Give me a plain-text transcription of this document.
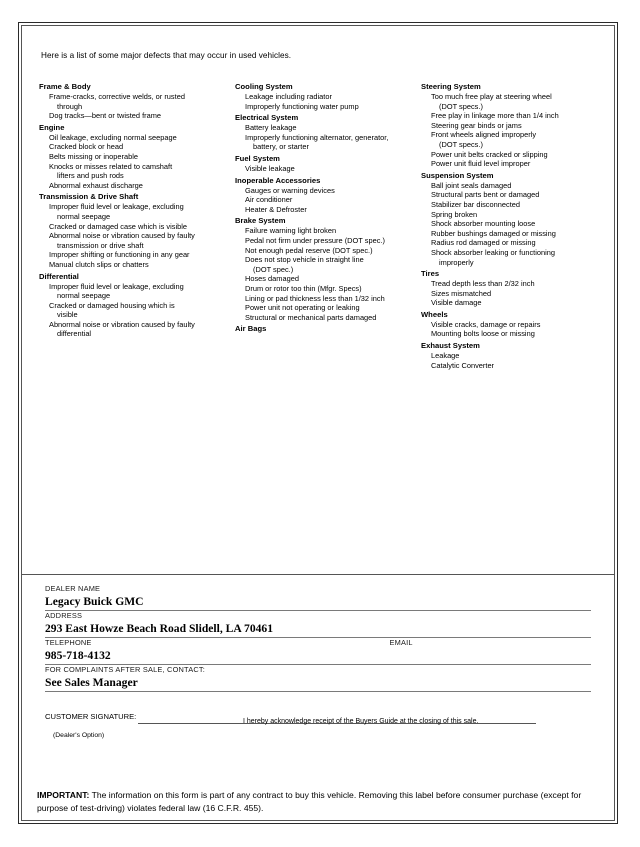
Here is a list of some major defects that may occur in used vehicles.
Frame & Body
Frame-cracks, corrective welds, or rusted
through
Dog tracks—bent or twisted frame
Engine
Oil leakage, excluding normal seepage
Cracked block or head
Belts missing or inoperable
Knocks or misses related to camshaft
lifters and push rods
Abnormal exhaust discharge
Transmission & Drive Shaft
Improper fluid level or leakage, excluding
normal seepage
Cracked or damaged case which is visible
Abnormal noise or vibration caused by faulty
transmission or drive shaft
Improper shifting or functioning in any gear
Manual clutch slips or chatters
Differential
Improper fluid level or leakage, excluding
normal seepage
Cracked or damaged housing which is
visible
Abnormal noise or vibration caused by faulty
differential
Cooling System
Leakage including radiator
Improperly functioning water pump
Electrical System
Battery leakage
Improperly functioning alternator, generator,
battery, or starter
Fuel System
Visible leakage
Inoperable Accessories
Gauges or warning devices
Air conditioner
Heater & Defroster
Brake System
Failure warning light broken
Pedal not firm under pressure (DOT spec.)
Not enough pedal reserve (DOT spec.)
Does not stop vehicle in straight line
(DOT spec.)
Hoses damaged
Drum or rotor too thin (Mfgr. Specs)
Lining or pad thickness less than 1/32 inch
Power unit not operating or leaking
Structural or mechanical parts damaged
Air Bags
Steering System
Too much free play at steering wheel
(DOT specs.)
Free play in linkage more than 1/4 inch
Steering gear binds or jams
Front wheels aligned improperly
(DOT specs.)
Power unit belts cracked or slipping
Power unit fluid level improper
Suspension System
Ball joint seals damaged
Structural parts bent or damaged
Stabilizer bar disconnected
Spring broken
Shock absorber mounting loose
Rubber bushings damaged or missing
Radius rod damaged or missing
Shock absorber leaking or functioning
improperly
Tires
Tread depth less than 2/32 inch
Sizes mismatched
Visible damage
Wheels
Visible cracks, damage or repairs
Mounting bolts loose or missing
Exhaust System
Leakage
Catalytic Converter
DEALER NAME
Legacy Buick GMC
ADDRESS
293 East Howze Beach Road Slidell, LA 70461
TELEPHONE
985-718-4132
EMAIL

FOR COMPLAINTS AFTER SALE, CONTACT:
See Sales Manager
CUSTOMER SIGNATURE: (Dealer's Option)
I hereby acknowledge receipt of the Buyers Guide at the closing of this sale.
IMPORTANT: The information on this form is part of any contract to buy this vehicle. Removing this label before consumer purchase (except for purpose of test-driving) violates federal law (16 C.F.R. 455).
